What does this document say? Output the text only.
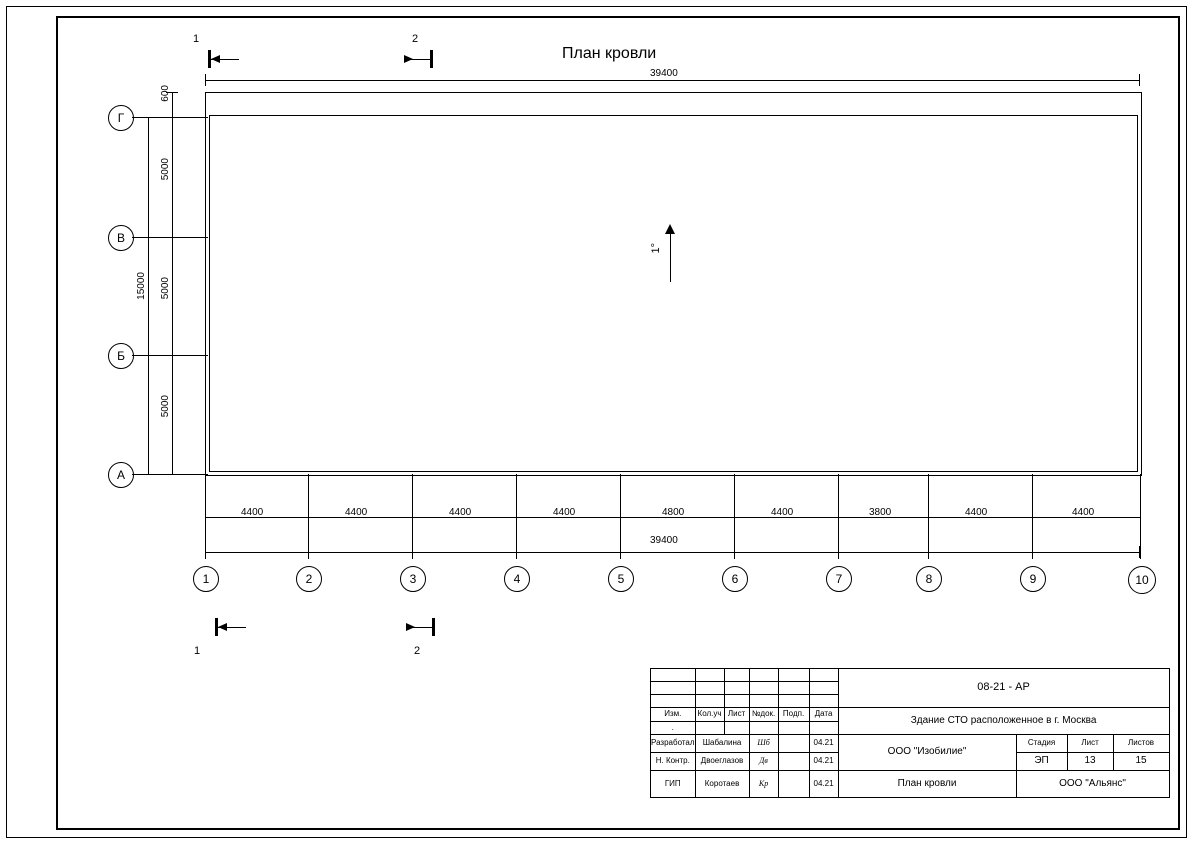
План кровли
1	2
39400
1°
Г
В
Б
А
600
5000
5000
5000
15000
1	2	3	4	5	6	7	8	9	10
4400	4400	4400	4400	4800	4400	3800	4400	4400
39400
1	2
						08-21 - АР			

Изм.	Кол.уч	Лист	№док.	Подп.	Дата	Здание СТО расположенное в г. Москва			
.									
Разработал	Шабалина		Шб		04.21	ООО "Изобилие"	Стадия	Лист	Листов
Н. Контр.	Двоеглазов		Дв		04.21		ЭП	13	15
ГИП	Коротаев		Кр		04.21	План кровли	ООО "Альянс"		
